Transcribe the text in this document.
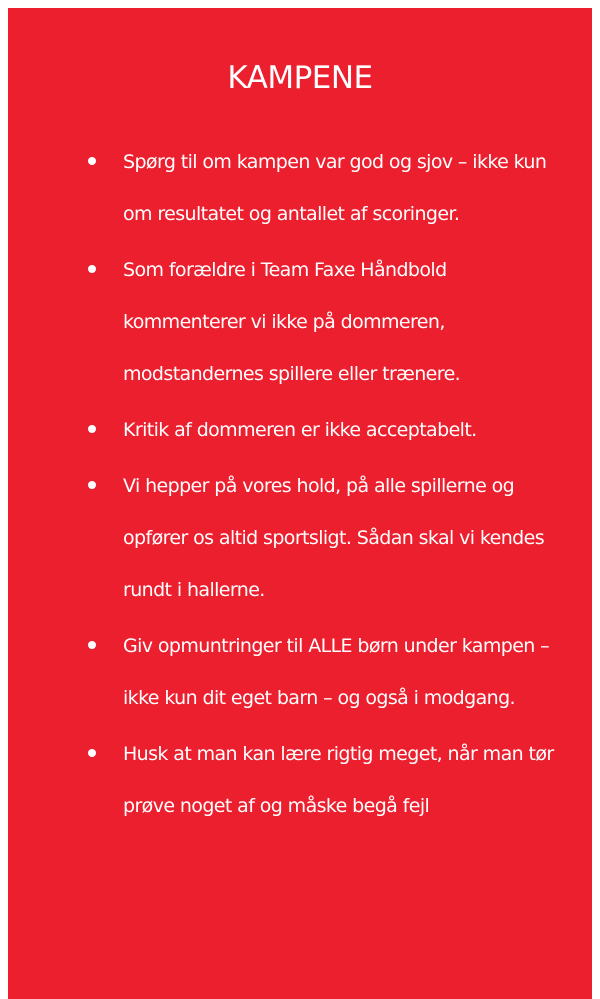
KAMPENE
Spørg til om kampen var god og sjov – ikke kun om resultatet og antallet af scoringer.
Som forældre i Team Faxe Håndbold kommenterer vi ikke på dommeren, modstandernes spillere eller trænere.
Kritik af dommeren er ikke acceptabelt.
Vi hepper på vores hold, på alle spillerne og opfører os altid sportsligt. Sådan skal vi kendes rundt i hallerne.
Giv opmuntringer til ALLE børn under kampen – ikke kun dit eget barn – og også i modgang.
Husk at man kan lære rigtig meget, når man tør prøve noget af og måske begå fejl
